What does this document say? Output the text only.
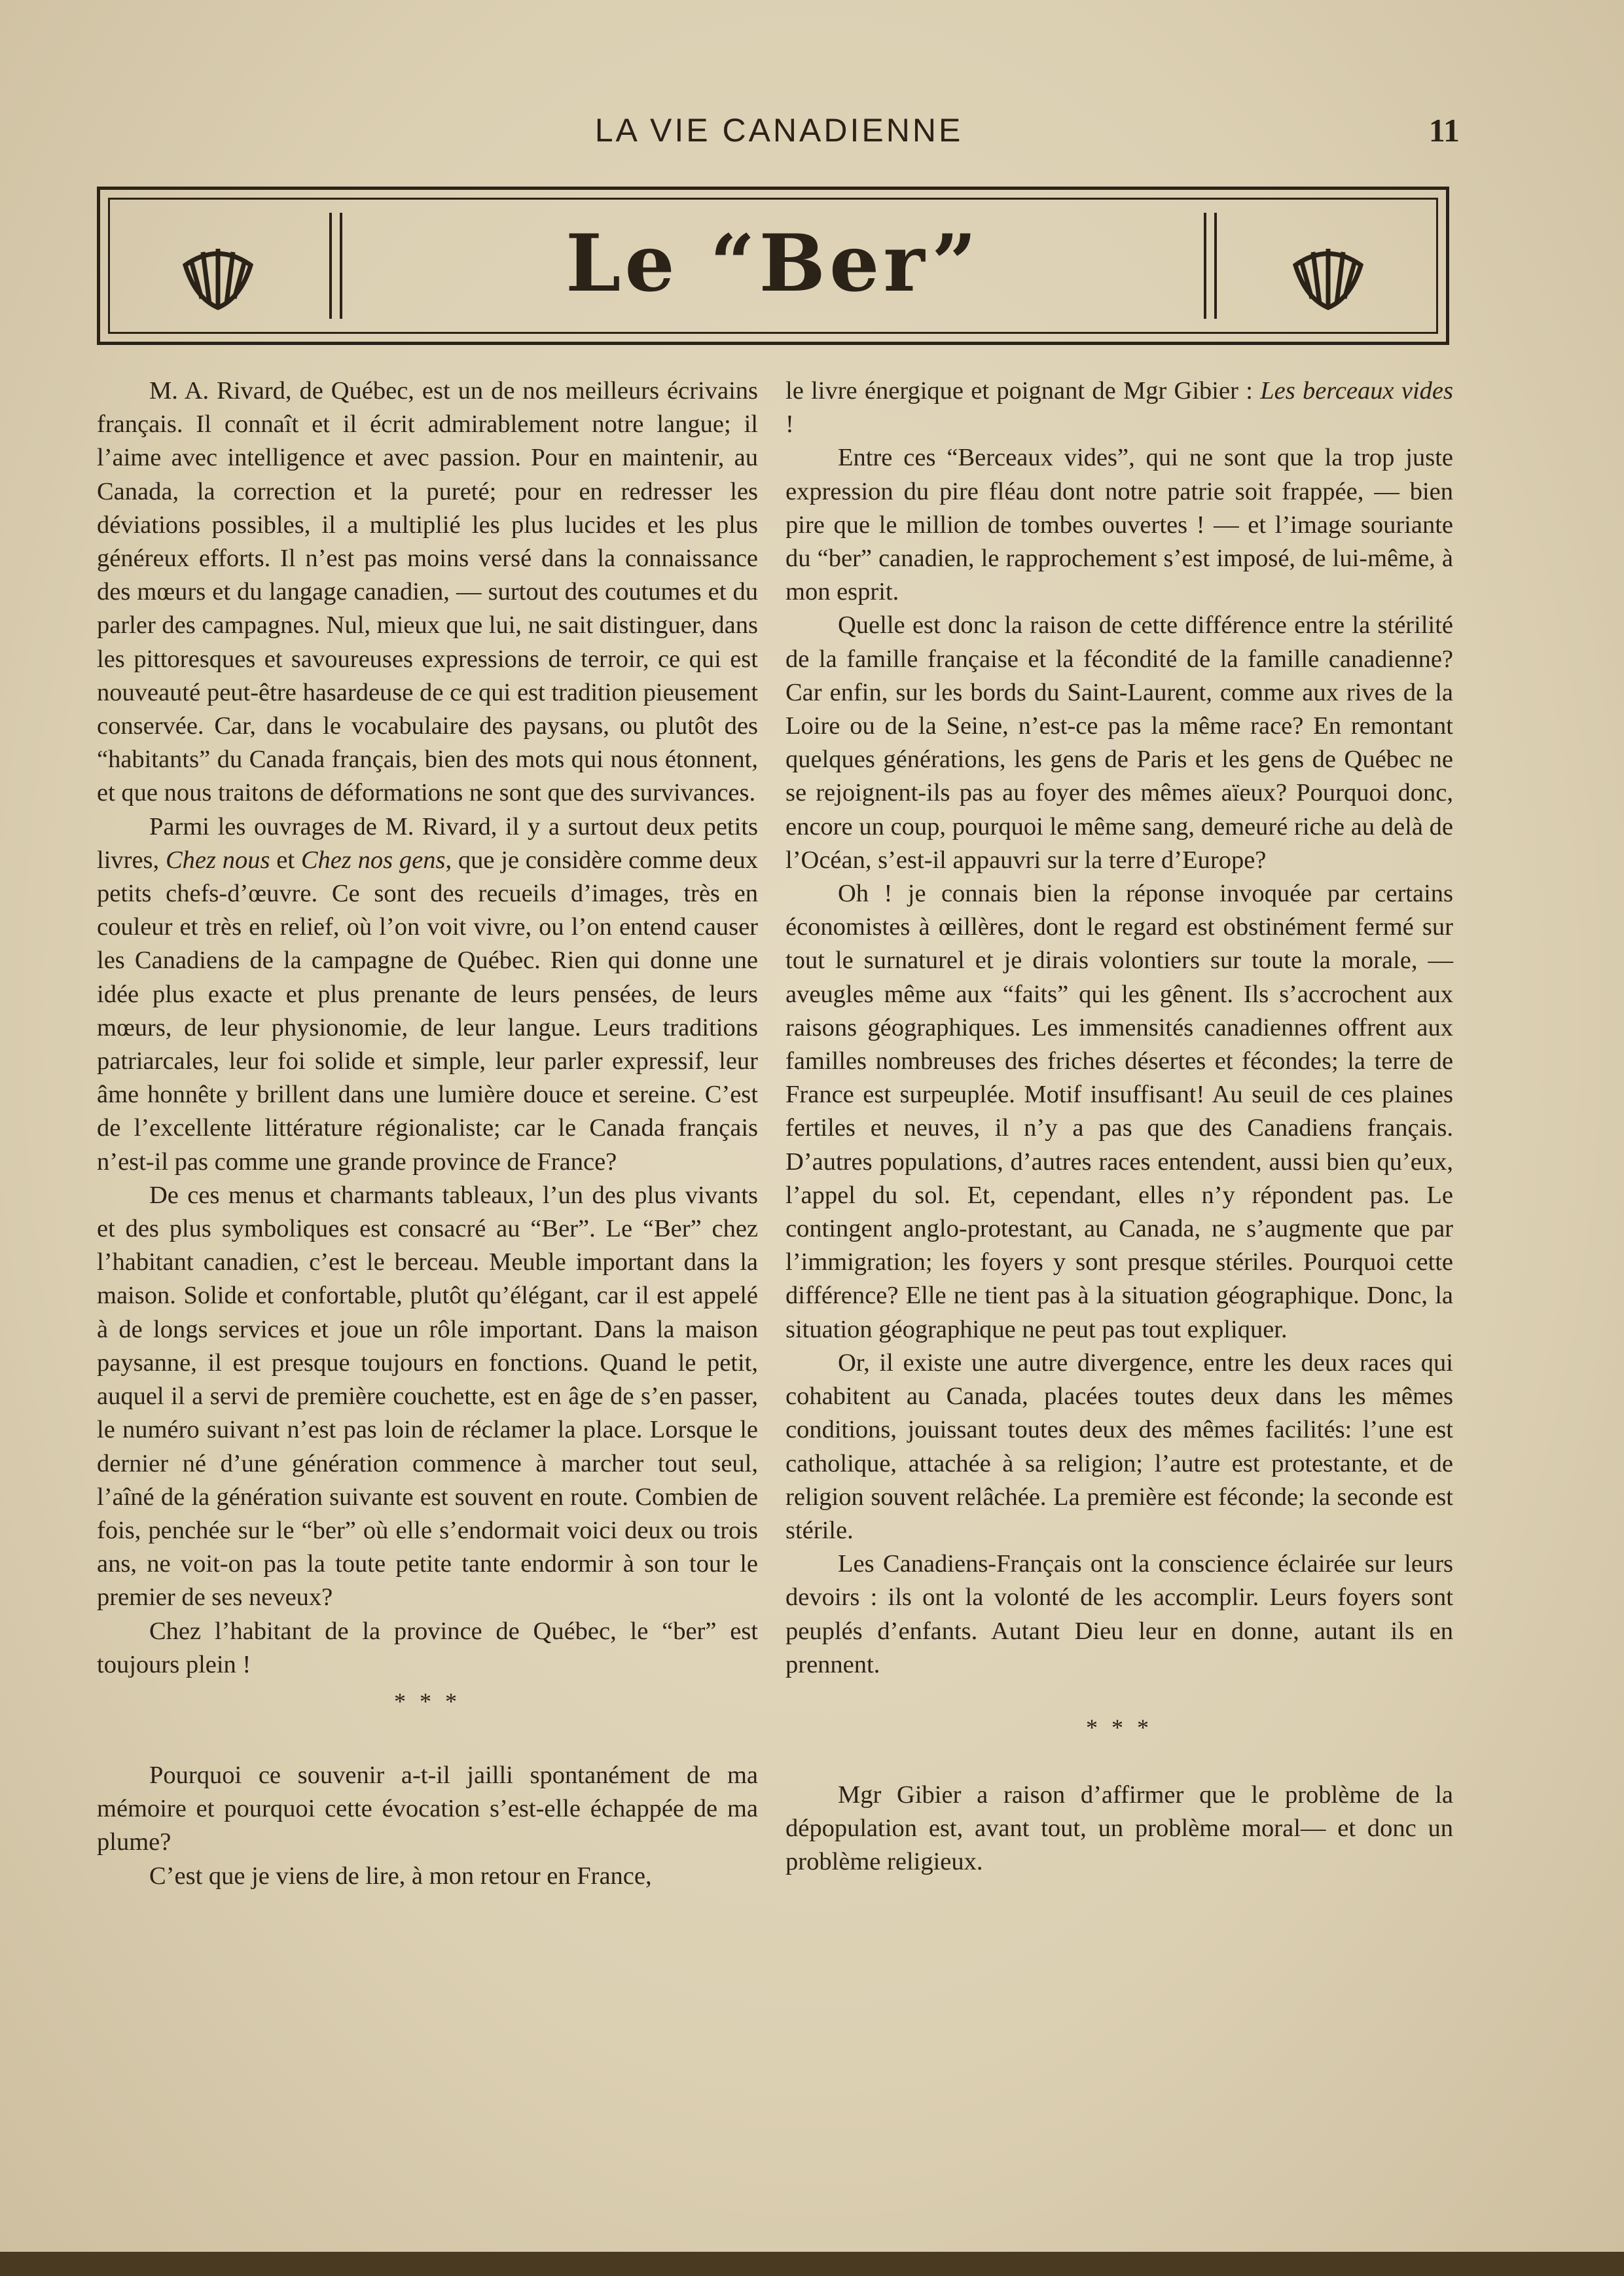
LA VIE CANADIENNE	11
Le “Ber”

M. A. Rivard, de Québec, est un de nos meilleurs écrivains français. Il connaît et il écrit admirablement notre langue; il l’aime avec intelligence et avec passion. Pour en maintenir, au Canada, la correction et la pureté; pour en redresser les déviations possibles, il a multiplié les plus lucides et les plus généreux efforts. Il n’est pas moins versé dans la connaissance des mœurs et du langage canadien, — surtout des coutumes et du parler des campagnes. Nul, mieux que lui, ne sait distinguer, dans les pittoresques et savoureuses expressions de terroir, ce qui est nouveauté peut-être hasardeuse de ce qui est tradition pieusement conservée. Car, dans le vocabulaire des paysans, ou plutôt des “habitants” du Canada français, bien des mots qui nous étonnent, et que nous traitons de déformations ne sont que des survivances.

Parmi les ouvrages de M. Rivard, il y a surtout deux petits livres, Chez nous et Chez nos gens, que je considère comme deux petits chefs-d’œuvre. Ce sont des recueils d’images, très en couleur et très en relief, où l’on voit vivre, ou l’on entend causer les Canadiens de la campagne de Québec. Rien qui donne une idée plus exacte et plus prenante de leurs pensées, de leurs mœurs, de leur physionomie, de leur langue. Leurs traditions patriarcales, leur foi solide et simple, leur parler expressif, leur âme honnête y brillent dans une lumière douce et sereine. C’est de l’excellente littérature régionaliste; car le Canada français n’est-il pas comme une grande province de France?

De ces menus et charmants tableaux, l’un des plus vivants et des plus symboliques est consacré au “Ber”. Le “Ber” chez l’habitant canadien, c’est le berceau. Meuble important dans la maison. Solide et confortable, plutôt qu’élégant, car il est appelé à de longs services et joue un rôle important. Dans la maison paysanne, il est presque toujours en fonctions. Quand le petit, auquel il a servi de première couchette, est en âge de s’en passer, le numéro suivant n’est pas loin de réclamer la place. Lorsque le dernier né d’une génération commence à marcher tout seul, l’aîné de la génération suivante est souvent en route. Combien de fois, penchée sur le “ber” où elle s’endormait voici deux ou trois ans, ne voit-on pas la toute petite tante endormir à son tour le premier de ses neveux?

Chez l’habitant de la province de Québec, le “ber” est toujours plein !

* * *

Pourquoi ce souvenir a-t-il jailli spontanément de ma mémoire et pourquoi cette évocation s’est-elle échappée de ma plume?

C’est que je viens de lire, à mon retour en France,

le livre énergique et poignant de Mgr Gibier : Les berceaux vides !

Entre ces “Berceaux vides”, qui ne sont que la trop juste expression du pire fléau dont notre patrie soit frappée, — bien pire que le million de tombes ouvertes ! — et l’image souriante du “ber” canadien, le rapprochement s’est imposé, de lui-même, à mon esprit.

Quelle est donc la raison de cette différence entre la stérilité de la famille française et la fécondité de la famille canadienne? Car enfin, sur les bords du Saint-Laurent, comme aux rives de la Loire ou de la Seine, n’est-ce pas la même race? En remontant quelques générations, les gens de Paris et les gens de Québec ne se rejoignent-ils pas au foyer des mêmes aïeux? Pourquoi donc, encore un coup, pourquoi le même sang, demeuré riche au delà de l’Océan, s’est-il appauvri sur la terre d’Europe?

Oh ! je connais bien la réponse invoquée par certains économistes à œillères, dont le regard est obstinément fermé sur tout le surnaturel et je dirais volontiers sur toute la morale, — aveugles même aux “faits” qui les gênent. Ils s’accrochent aux raisons géographiques. Les immensités canadiennes offrent aux familles nombreuses des friches désertes et fécondes; la terre de France est surpeuplée. Motif insuffisant! Au seuil de ces plaines fertiles et neuves, il n’y a pas que des Canadiens français. D’autres populations, d’autres races entendent, aussi bien qu’eux, l’appel du sol. Et, cependant, elles n’y répondent pas. Le contingent anglo-protestant, au Canada, ne s’augmente que par l’immigration; les foyers y sont presque stériles. Pourquoi cette différence? Elle ne tient pas à la situation géographique. Donc, la situation géographique ne peut pas tout expliquer.

Or, il existe une autre divergence, entre les deux races qui cohabitent au Canada, placées toutes deux dans les mêmes conditions, jouissant toutes deux des mêmes facilités: l’une est catholique, attachée à sa religion; l’autre est protestante, et de religion souvent relâchée. La première est féconde; la seconde est stérile.

Les Canadiens-Français ont la conscience éclairée sur leurs devoirs : ils ont la volonté de les accomplir. Leurs foyers sont peuplés d’enfants. Autant Dieu leur en donne, autant ils en prennent.

* * *

Mgr Gibier a raison d’affirmer que le problème de la dépopulation est, avant tout, un problème moral— et donc un problème religieux.
